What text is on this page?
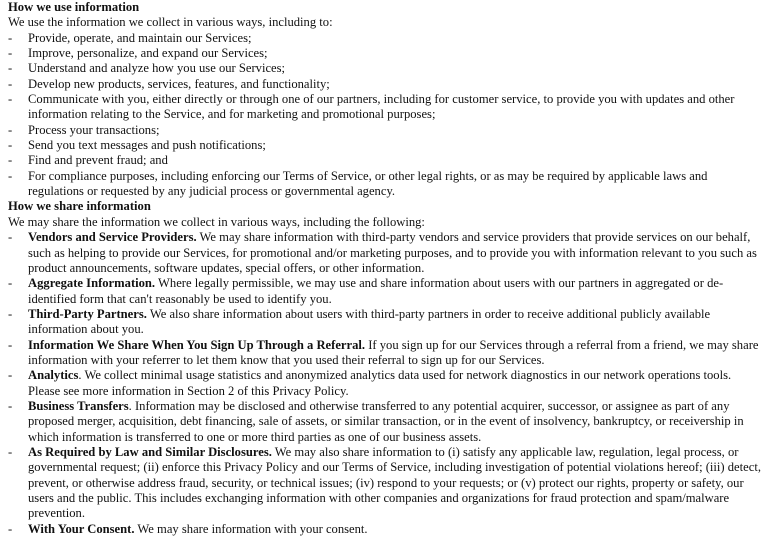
How we use information
We use the information we collect in various ways, including to:
-	Provide, operate, and maintain our Services;
-	Improve, personalize, and expand our Services;
-	Understand and analyze how you use our Services;
-	Develop new products, services, features, and functionality;
-	Communicate with you, either directly or through one of our partners, including for customer service, to provide you with updates and other information relating to the Service, and for marketing and promotional purposes;
-	Process your transactions;
-	Send you text messages and push notifications;
-	Find and prevent fraud; and
-	For compliance purposes, including enforcing our Terms of Service, or other legal rights, or as may be required by applicable laws and regulations or requested by any judicial process or governmental agency.
How we share information
We may share the information we collect in various ways, including the following:
-	Vendors and Service Providers. We may share information with third-party vendors and service providers that provide services on our behalf, such as helping to provide our Services, for promotional and/or marketing purposes, and to provide you with information relevant to you such as product announcements, software updates, special offers, or other information.
-	Aggregate Information. Where legally permissible, we may use and share information about users with our partners in aggregated or de-identified form that can't reasonably be used to identify you.
-	Third-Party Partners. We also share information about users with third-party partners in order to receive additional publicly available information about you.
-	Information We Share When You Sign Up Through a Referral. If you sign up for our Services through a referral from a friend, we may share information with your referrer to let them know that you used their referral to sign up for our Services.
-	Analytics. We collect minimal usage statistics and anonymized analytics data used for network diagnostics in our network operations tools. Please see more information in Section 2 of this Privacy Policy.
-	Business Transfers. Information may be disclosed and otherwise transferred to any potential acquirer, successor, or assignee as part of any proposed merger, acquisition, debt financing, sale of assets, or similar transaction, or in the event of insolvency, bankruptcy, or receivership in which information is transferred to one or more third parties as one of our business assets.
-	As Required by Law and Similar Disclosures. We may also share information to (i) satisfy any applicable law, regulation, legal process, or governmental request; (ii) enforce this Privacy Policy and our Terms of Service, including investigation of potential violations hereof; (iii) detect, prevent, or otherwise address fraud, security, or technical issues; (iv) respond to your requests; or (v) protect our rights, property or safety, our users and the public. This includes exchanging information with other companies and organizations for fraud protection and spam/malware prevention.
-	With Your Consent. We may share information with your consent.
